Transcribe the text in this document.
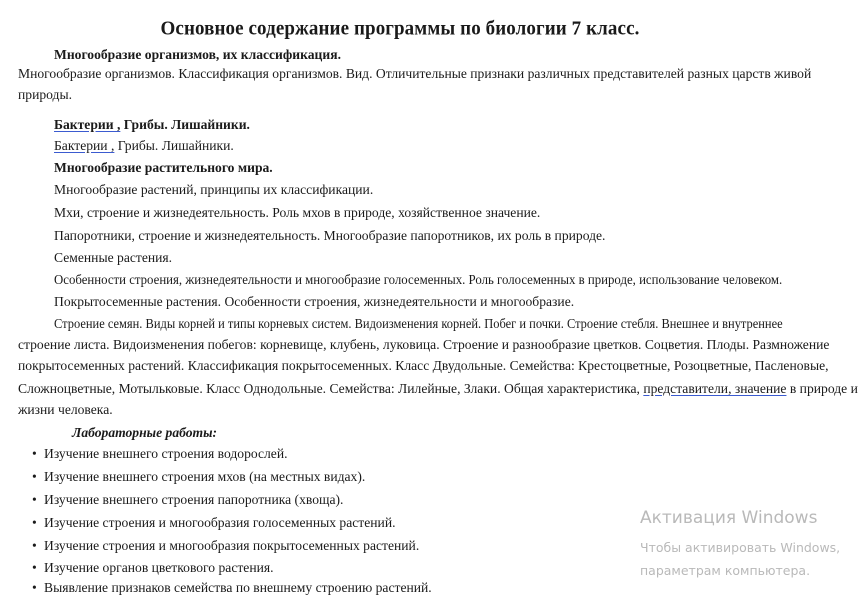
Основное содержание программы по биологии 7 класс.
Многообразие организмов, их классификация.
Многообразие организмов. Классификация организмов. Вид. Отличительные признаки различных представителей разных царств живой
природы.
Бактерии , Грибы. Лишайники.
Бактерии , Грибы. Лишайники.
Многообразие растительного мира.
Многообразие растений, принципы их классификации.
Мхи, строение и жизнедеятельность. Роль мхов в природе, хозяйственное значение.
Папоротники, строение и жизнедеятельность. Многообразие папоротников, их роль в природе.
Семенные растения.
Особенности строения, жизнедеятельности и многообразие голосеменных. Роль голосеменных в природе, использование человеком.
Покрытосеменные растения. Особенности строения, жизнедеятельности и многообразие.
Строение семян. Виды корней и типы корневых систем. Видоизменения корней. Побег и почки. Строение стебля. Внешнее и внутреннее
строение листа. Видоизменения побегов: корневище, клубень, луковица. Строение и разнообразие цветков. Соцветия. Плоды. Размножение
покрытосеменных растений. Классификация покрытосеменных. Класс Двудольные. Семейства: Крестоцветные, Розоцветные, Пасленовые,
Сложноцветные, Мотыльковые. Класс Однодольные. Семейства: Лилейные, Злаки. Общая характеристика, представители, значение в природе и
жизни человека.
Лабораторные работы:
• Изучение внешнего строения водорослей.
• Изучение внешнего строения мхов (на местных видах).
• Изучение внешнего строения папоротника (хвоща).
• Изучение строения и многообразия голосеменных растений.
• Изучение строения и многообразия покрытосеменных растений.
• Изучение органов цветкового растения.
• Выявление признаков семейства по внешнему строению растений.
Активация Windows
Чтобы активировать Windows,
параметрам компьютера.
